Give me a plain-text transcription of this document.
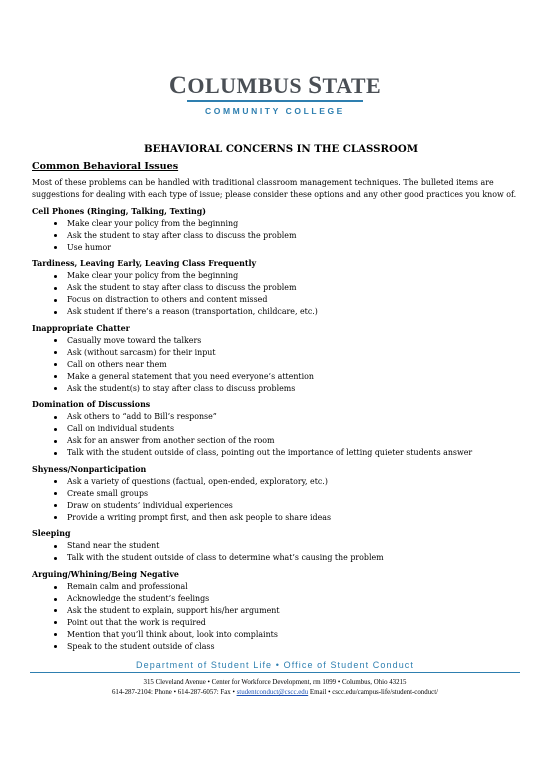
COLUMBUS STATE
COMMUNITY COLLEGE
BEHAVIORAL CONCERNS IN THE CLASSROOM
Common Behavioral Issues
Most of these problems can be handled with traditional classroom management techniques. The bulleted items are suggestions for dealing with each type of issue; please consider these options and any other good practices you know of.
Cell Phones (Ringing, Talking, Texting)
Make clear your policy from the beginning
Ask the student to stay after class to discuss the problem
Use humor
Tardiness, Leaving Early, Leaving Class Frequently
Make clear your policy from the beginning
Ask the student to stay after class to discuss the problem
Focus on distraction to others and content missed
Ask student if there’s a reason (transportation, childcare, etc.)
Inappropriate Chatter
Casually move toward the talkers
Ask (without sarcasm) for their input
Call on others near them
Make a general statement that you need everyone’s attention
Ask the student(s) to stay after class to discuss problems
Domination of Discussions
Ask others to “add to Bill’s response”
Call on individual students
Ask for an answer from another section of the room
Talk with the student outside of class, pointing out the importance of letting quieter students answer
Shyness/Nonparticipation
Ask a variety of questions (factual, open-ended, exploratory, etc.)
Create small groups
Draw on students’ individual experiences
Provide a writing prompt first, and then ask people to share ideas
Sleeping
Stand near the student
Talk with the student outside of class to determine what’s causing the problem
Arguing/Whining/Being Negative
Remain calm and professional
Acknowledge the student’s feelings
Ask the student to explain, support his/her argument
Point out that the work is required
Mention that you’ll think about, look into complaints
Speak to the student outside of class
Department of Student Life • Office of Student Conduct
315 Cleveland Avenue • Center for Workforce Development, rm 1099 • Columbus, Ohio 43215
614-287-2104: Phone • 614-287-6057: Fax • studentconduct@cscc.edu Email • cscc.edu/campus-life/student-conduct/
